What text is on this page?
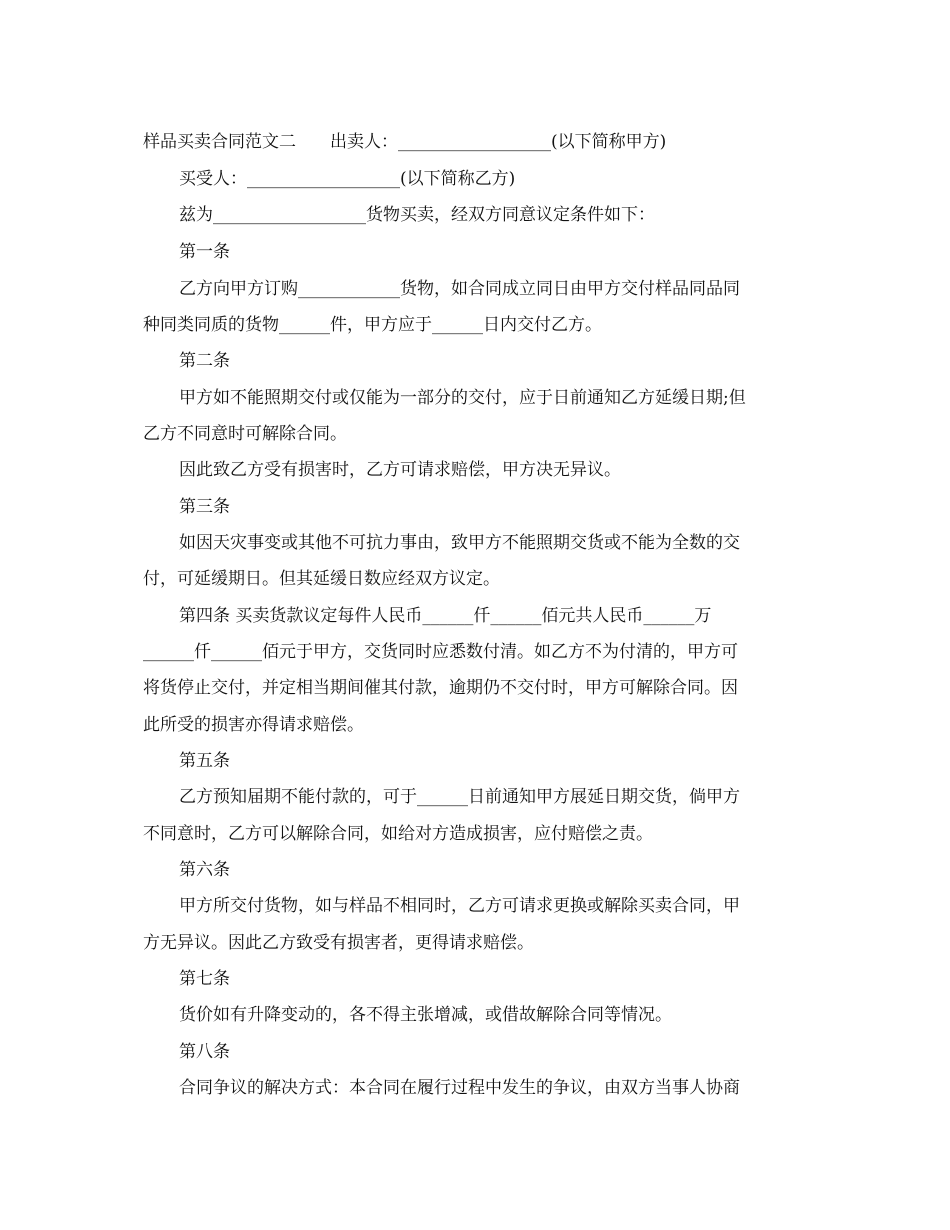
样品买卖合同范文二　　出卖人：__________________(以下简称甲方)
买受人：__________________(以下简称乙方)
兹为__________________货物买卖，经双方同意议定条件如下：
第一条
乙方向甲方订购____________货物，如合同成立同日由甲方交付样品同品同
种同类同质的货物______件，甲方应于______日内交付乙方。
第二条
甲方如不能照期交付或仅能为一部分的交付，应于日前通知乙方延缓日期;但
乙方不同意时可解除合同。
因此致乙方受有损害时，乙方可请求赔偿，甲方决无异议。
第三条
如因天灾事变或其他不可抗力事由，致甲方不能照期交货或不能为全数的交
付，可延缓期日。但其延缓日数应经双方议定。
第四条 买卖货款议定每件人民币______仟______佰元共人民币______万
______仟______佰元于甲方，交货同时应悉数付清。如乙方不为付清的，甲方可
将货停止交付，并定相当期间催其付款，逾期仍不交付时，甲方可解除合同。因
此所受的损害亦得请求赔偿。
第五条
乙方预知届期不能付款的，可于______日前通知甲方展延日期交货，倘甲方
不同意时，乙方可以解除合同，如给对方造成损害，应付赔偿之责。
第六条
甲方所交付货物，如与样品不相同时，乙方可请求更换或解除买卖合同，甲
方无异议。因此乙方致受有损害者，更得请求赔偿。
第七条
货价如有升降变动的，各不得主张增减，或借故解除合同等情况。
第八条
合同争议的解决方式：本合同在履行过程中发生的争议，由双方当事人协商
